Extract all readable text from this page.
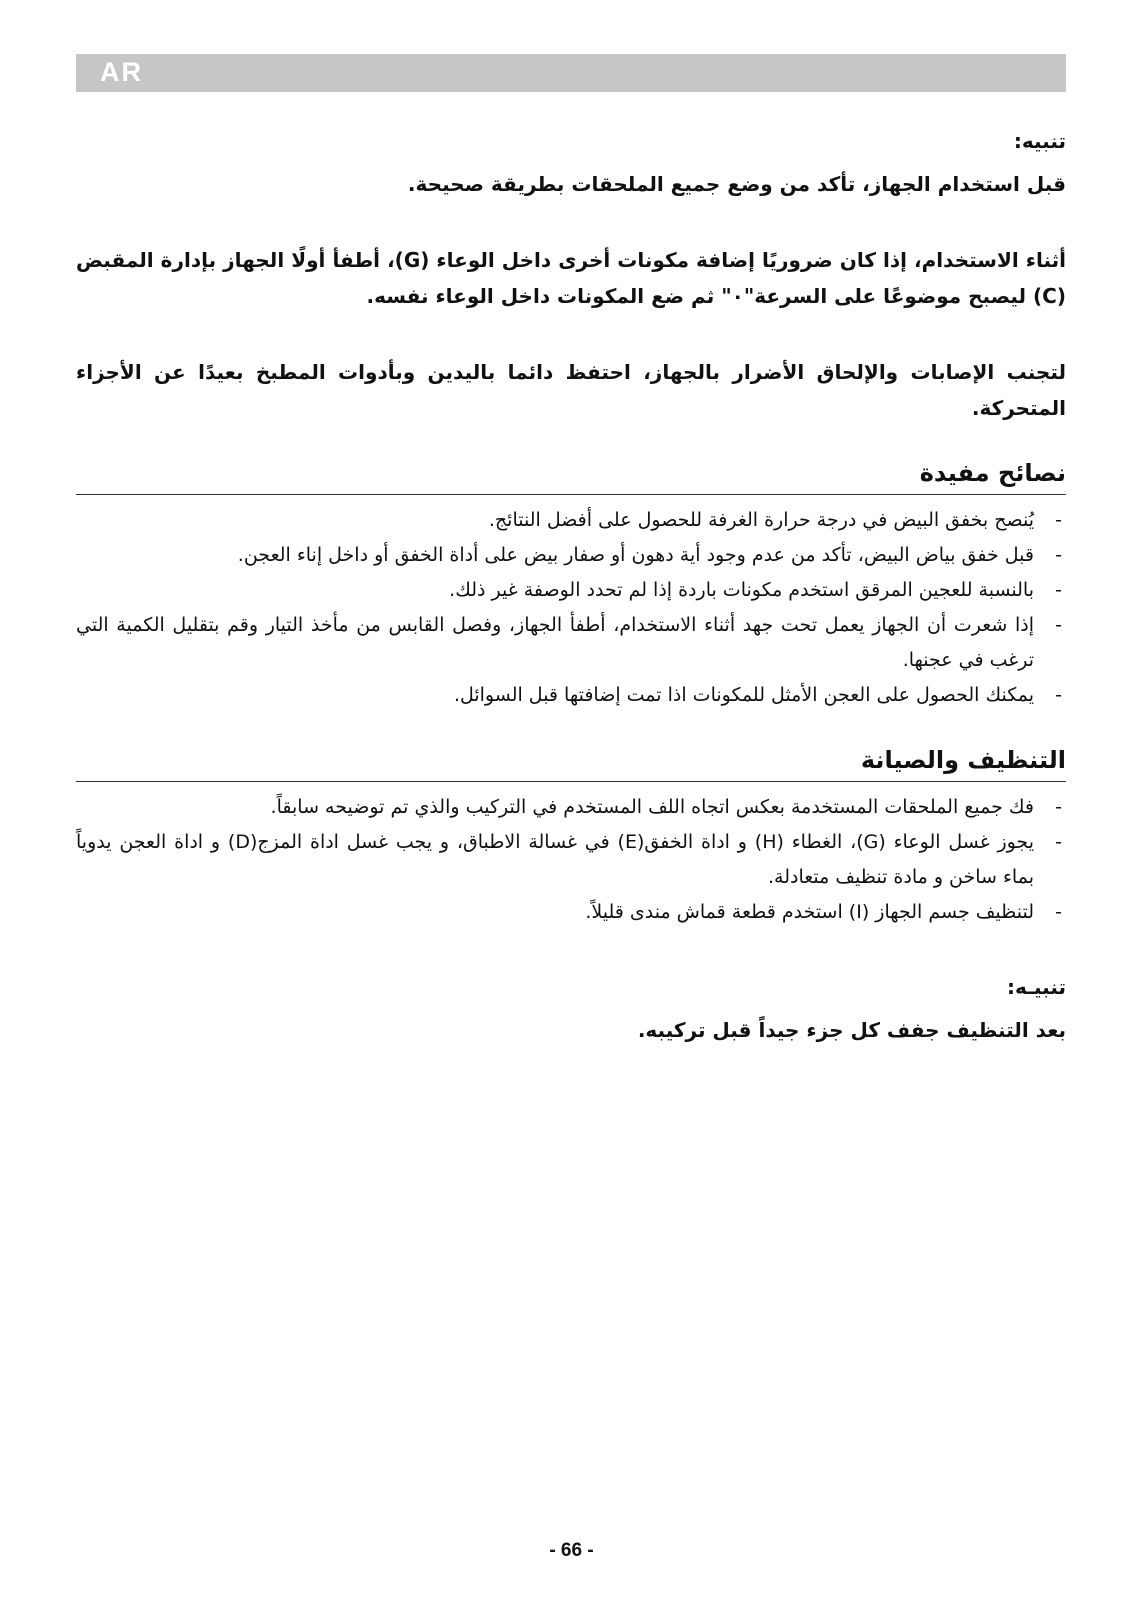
AR

تنبيه:

قبل استخدام الجهاز، تأكد من وضع جميع الملحقات بطريقة صحيحة.

أثناء الاستخدام، إذا كان ضروريًا إضافة مكونات أخرى داخل الوعاء (G)، أطفأ أولًا الجهاز بإدارة المقبض (C) ليصبح موضوعًا على السرعة"٠" ثم ضع المكونات داخل الوعاء نفسه.

لتجنب الإصابات والإلحاق الأضرار بالجهاز، احتفظ دائما باليدين وبأدوات المطبخ بعيدًا عن الأجزاء المتحركة.

نصائح مفيدة
-
يُنصح بخفق البيض في درجة حرارة الغرفة للحصول على أفضل النتائج.
-
قبل خفق بياض البيض، تأكد من عدم وجود أية دهون أو صفار بيض على أداة الخفق أو داخل إناء العجن.
-
بالنسبة للعجين المرقق استخدم مكونات باردة إذا لم تحدد الوصفة غير ذلك.
-
إذا شعرت أن الجهاز يعمل تحت جهد أثناء الاستخدام، أطفأ الجهاز، وفصل القابس من مأخذ التيار وقم بتقليل الكمية التي ترغب في عجنها.
-
يمكنك الحصول على العجن الأمثل للمكونات اذا تمت إضافتها قبل السوائل.
التنظيف والصيانة
-
فك جميع الملحقات المستخدمة بعكس اتجاه اللف المستخدم في التركيب والذي تم توضيحه سابقاً.
-
يجوز غسل الوعاء (G)، الغطاء (H) و اداة الخفق(E) في غسالة الاطباق، و يجب غسل اداة المزج(D) و اداة العجن يدوياً بماء ساخن و مادة تنظيف متعادلة.
-
لتنظيف جسم الجهاز (I) استخدم قطعة قماش مندى قليلاً.

تنبيـه:

بعد التنظيف جفف كل جزء جيداً قبل تركيبه.

- 66 -
